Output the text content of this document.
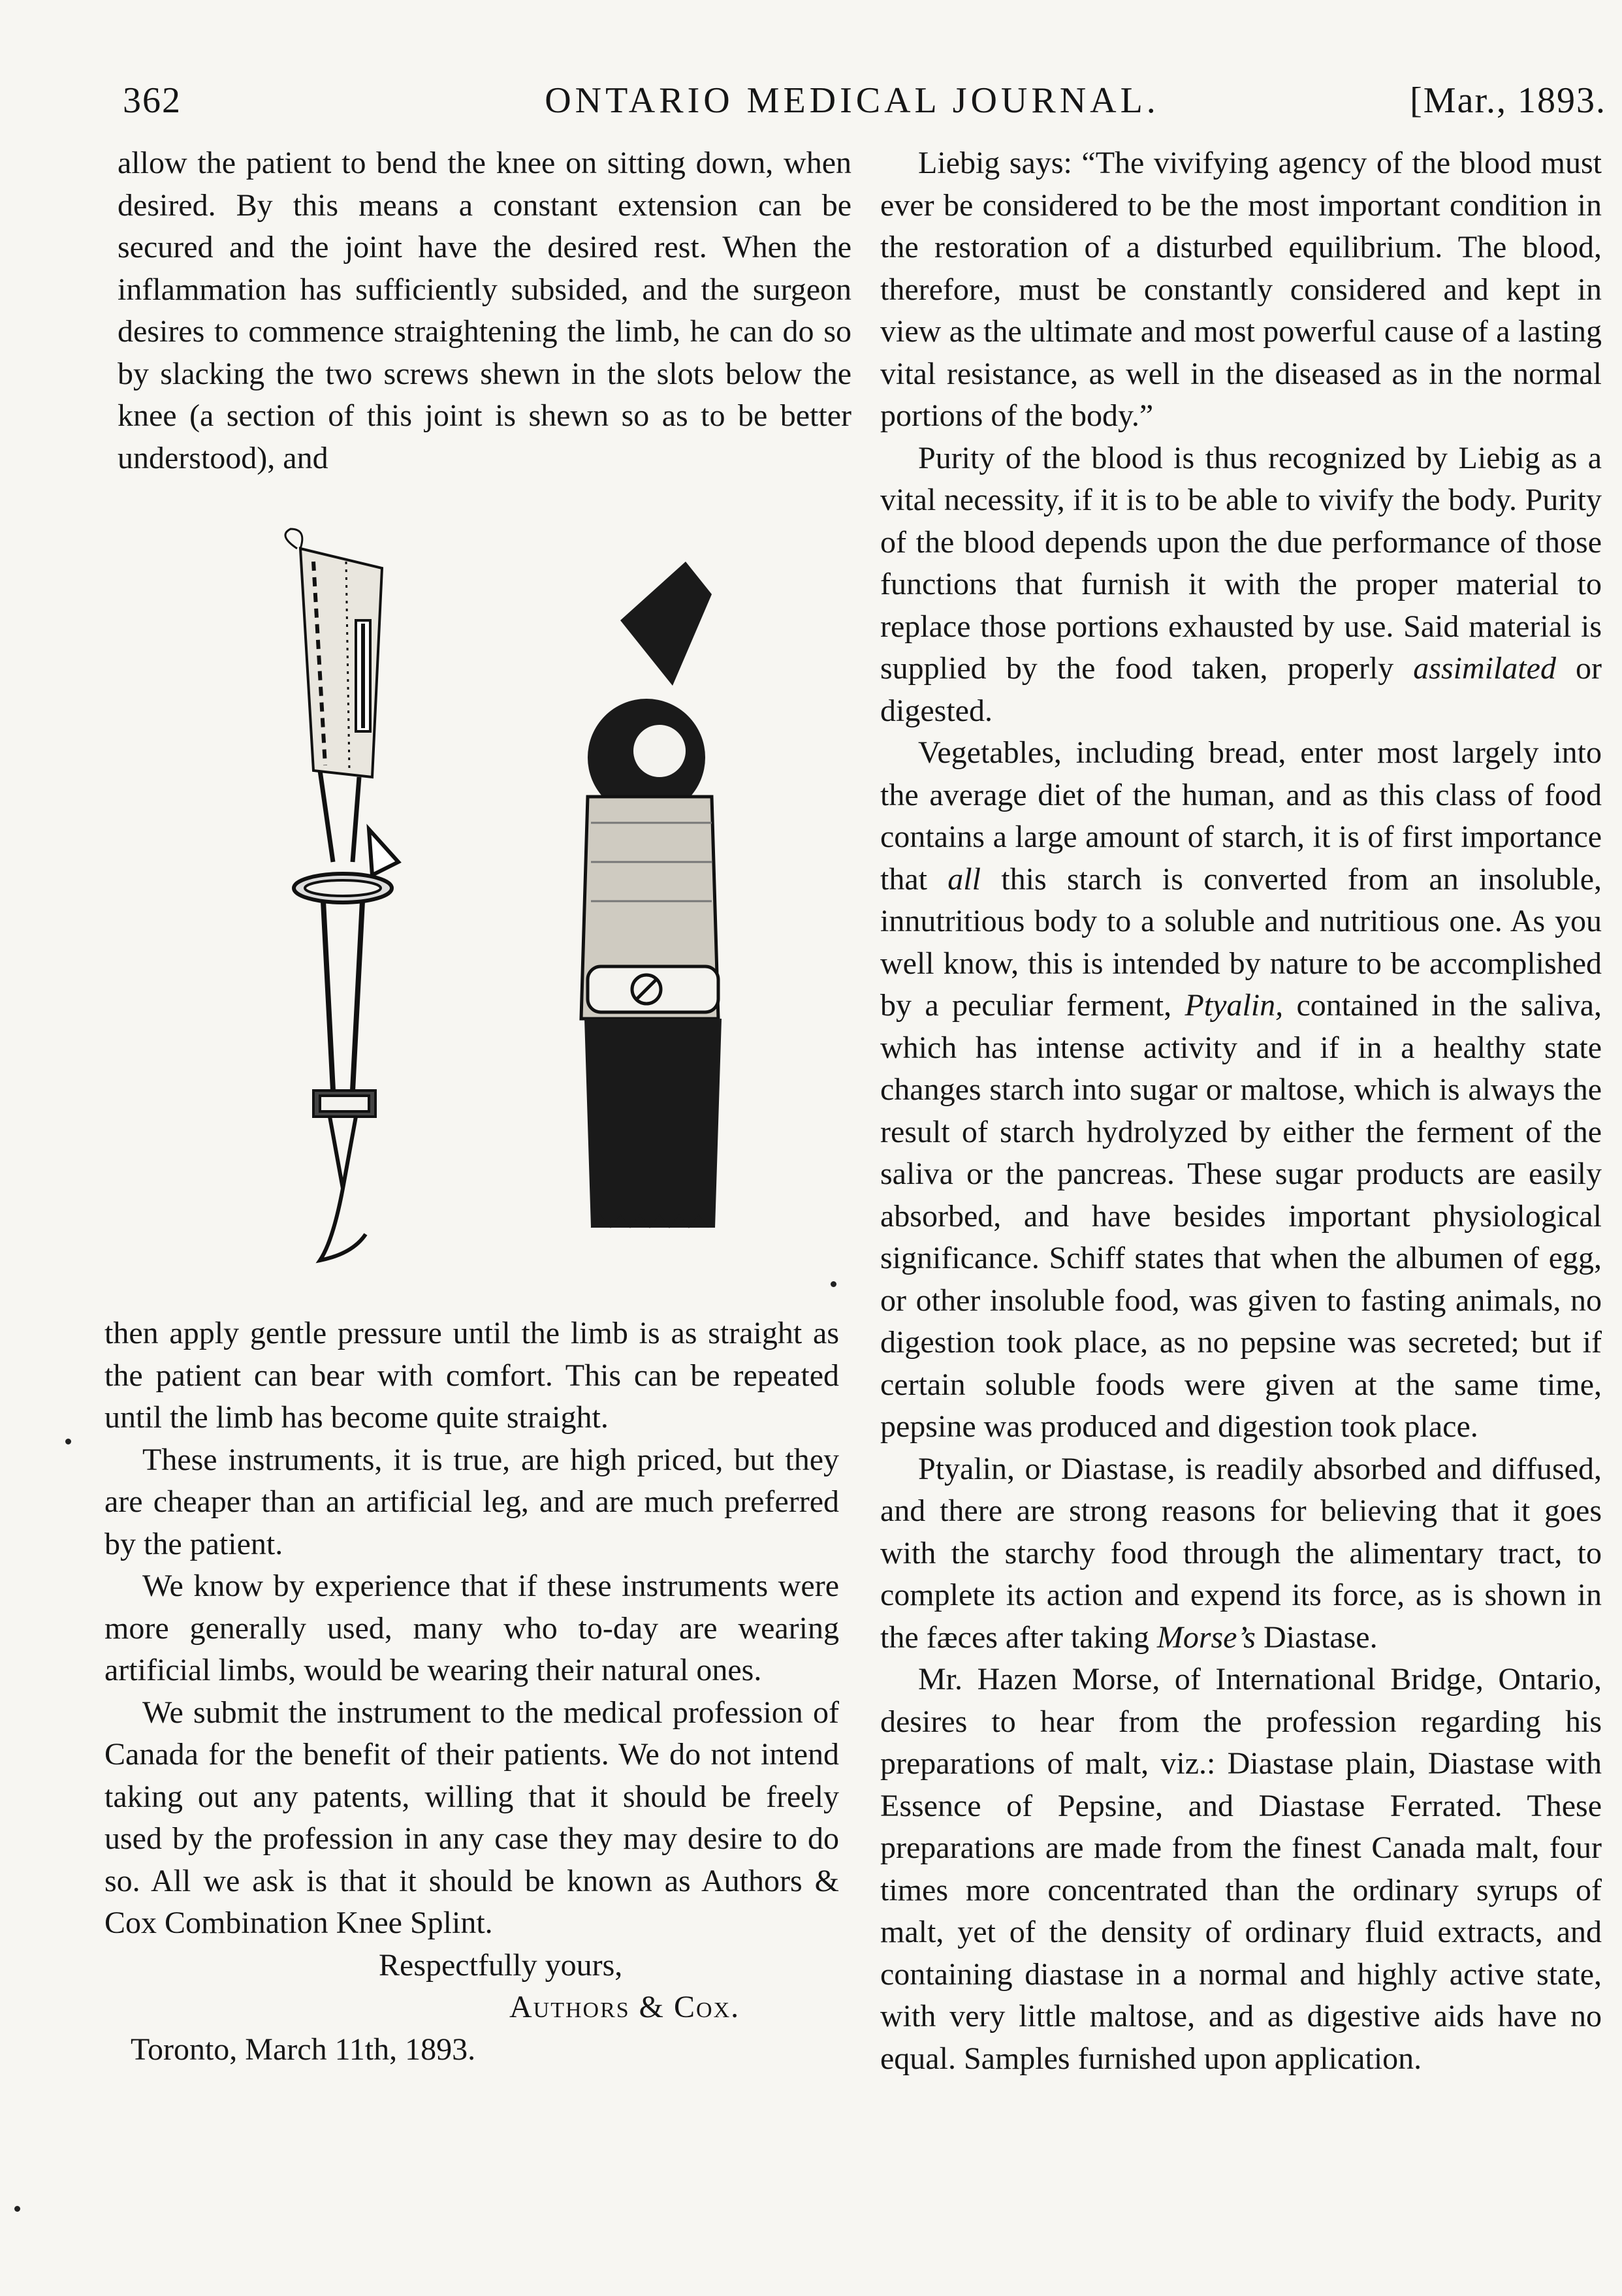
362	ONTARIO MEDICAL JOURNAL.	[Mar., 1893.

allow the patient to bend the knee on sitting down, when desired. By this means a constant extension can be secured and the joint have the desired rest. When the inflammation has sufficiently subsided, and the surgeon desires to commence straightening the limb, he can do so by slacking the two screws shewn in the slots below the knee (a section of this joint is shewn so as to be better understood), and

then apply gentle pressure until the limb is as straight as the patient can bear with comfort. This can be repeated until the limb has become quite straight.

These instruments, it is true, are high priced, but they are cheaper than an artificial leg, and are much preferred by the patient.

We know by experience that if these instruments were more generally used, many who to-day are wearing artificial limbs, would be wearing their natural ones.

We submit the instrument to the medical profession of Canada for the benefit of their patients. We do not intend taking out any patents, willing that it should be freely used by the profession in any case they may desire to do so. All we ask is that it should be known as Authors & Cox Combination Knee Splint.

Respectfully yours,

Authors & Cox.

Toronto, March 11th, 1893.

Liebig says: “The vivifying agency of the blood must ever be considered to be the most important condition in the restoration of a disturbed equilibrium. The blood, therefore, must be constantly considered and kept in view as the ultimate and most powerful cause of a lasting vital resistance, as well in the diseased as in the normal portions of the body.”

Purity of the blood is thus recognized by Liebig as a vital necessity, if it is to be able to vivify the body. Purity of the blood depends upon the due performance of those functions that furnish it with the proper material to replace those portions exhausted by use. Said material is supplied by the food taken, properly assimilated or digested.

Vegetables, including bread, enter most largely into the average diet of the human, and as this class of food contains a large amount of starch, it is of first importance that all this starch is converted from an insoluble, innutritious body to a soluble and nutritious one. As you well know, this is intended by nature to be accomplished by a peculiar ferment, Ptyalin, contained in the saliva, which has intense activity and if in a healthy state changes starch into sugar or maltose, which is always the result of starch hydrolyzed by either the ferment of the saliva or the pancreas. These sugar products are easily absorbed, and have besides important physiological significance. Schiff states that when the albumen of egg, or other insoluble food, was given to fasting animals, no digestion took place, as no pepsine was secreted; but if certain soluble foods were given at the same time, pepsine was produced and digestion took place.

Ptyalin, or Diastase, is readily absorbed and diffused, and there are strong reasons for believing that it goes with the starchy food through the alimentary tract, to complete its action and expend its force, as is shown in the fæces after taking Morse’s Diastase.

Mr. Hazen Morse, of International Bridge, Ontario, desires to hear from the profession regarding his preparations of malt, viz.: Diastase plain, Diastase with Essence of Pepsine, and Diastase Ferrated. These preparations are made from the finest Canada malt, four times more concentrated than the ordinary syrups of malt, yet of the density of ordinary fluid extracts, and containing diastase in a normal and highly active state, with very little maltose, and as digestive aids have no equal. Samples furnished upon application.
